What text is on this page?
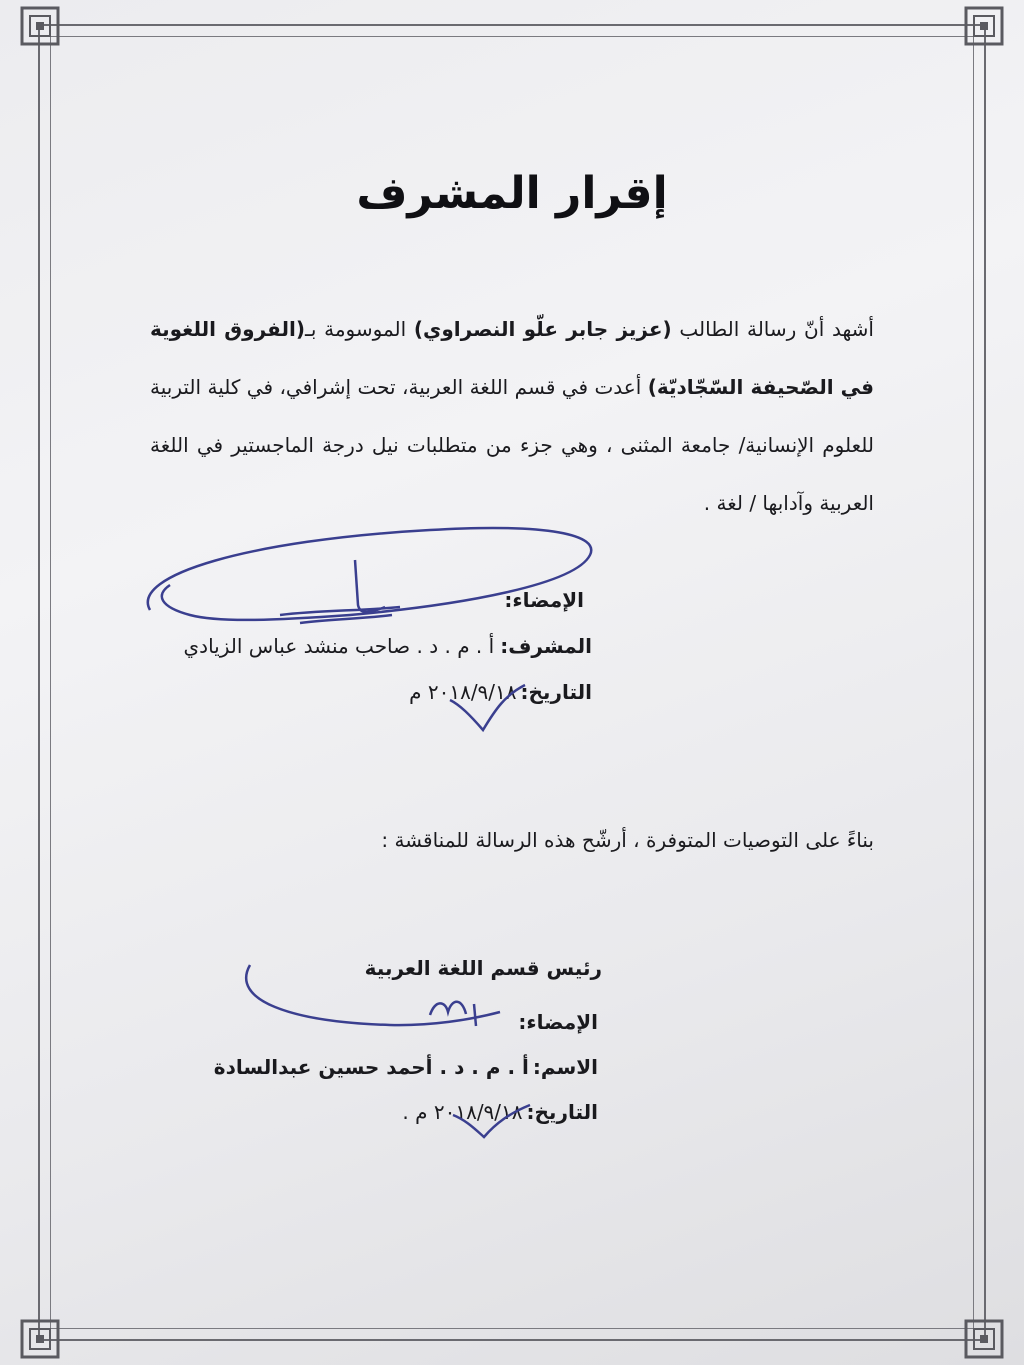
إقرار المشرف
أشهد أنّ رسالة الطالب (عزيز جابر علّو النصراوي) الموسومة بـ(الفروق اللغوية في الصّحيفة السّجّاديّة) أعدت في قسم اللغة العربية، تحت إشرافي، في كلية التربية للعلوم الإنسانية/ جامعة المثنى ، وهي جزء من متطلبات نيل درجة الماجستير في اللغة العربية وآدابها / لغة .
الإمضاء:
المشرف:أ . م . د . صاحب منشد عباس الزيادي
التاريخ:٢٠١٨/٩/١٨ م
بناءً على التوصيات المتوفرة ، أرشّح هذه الرسالة للمناقشة :
رئيس قسم اللغة العربية
الإمضاء:
الاسم:أ . م . د . أحمد حسين عبدالسادة
التاريخ:٢٠١٨/٩/١٨ م .
